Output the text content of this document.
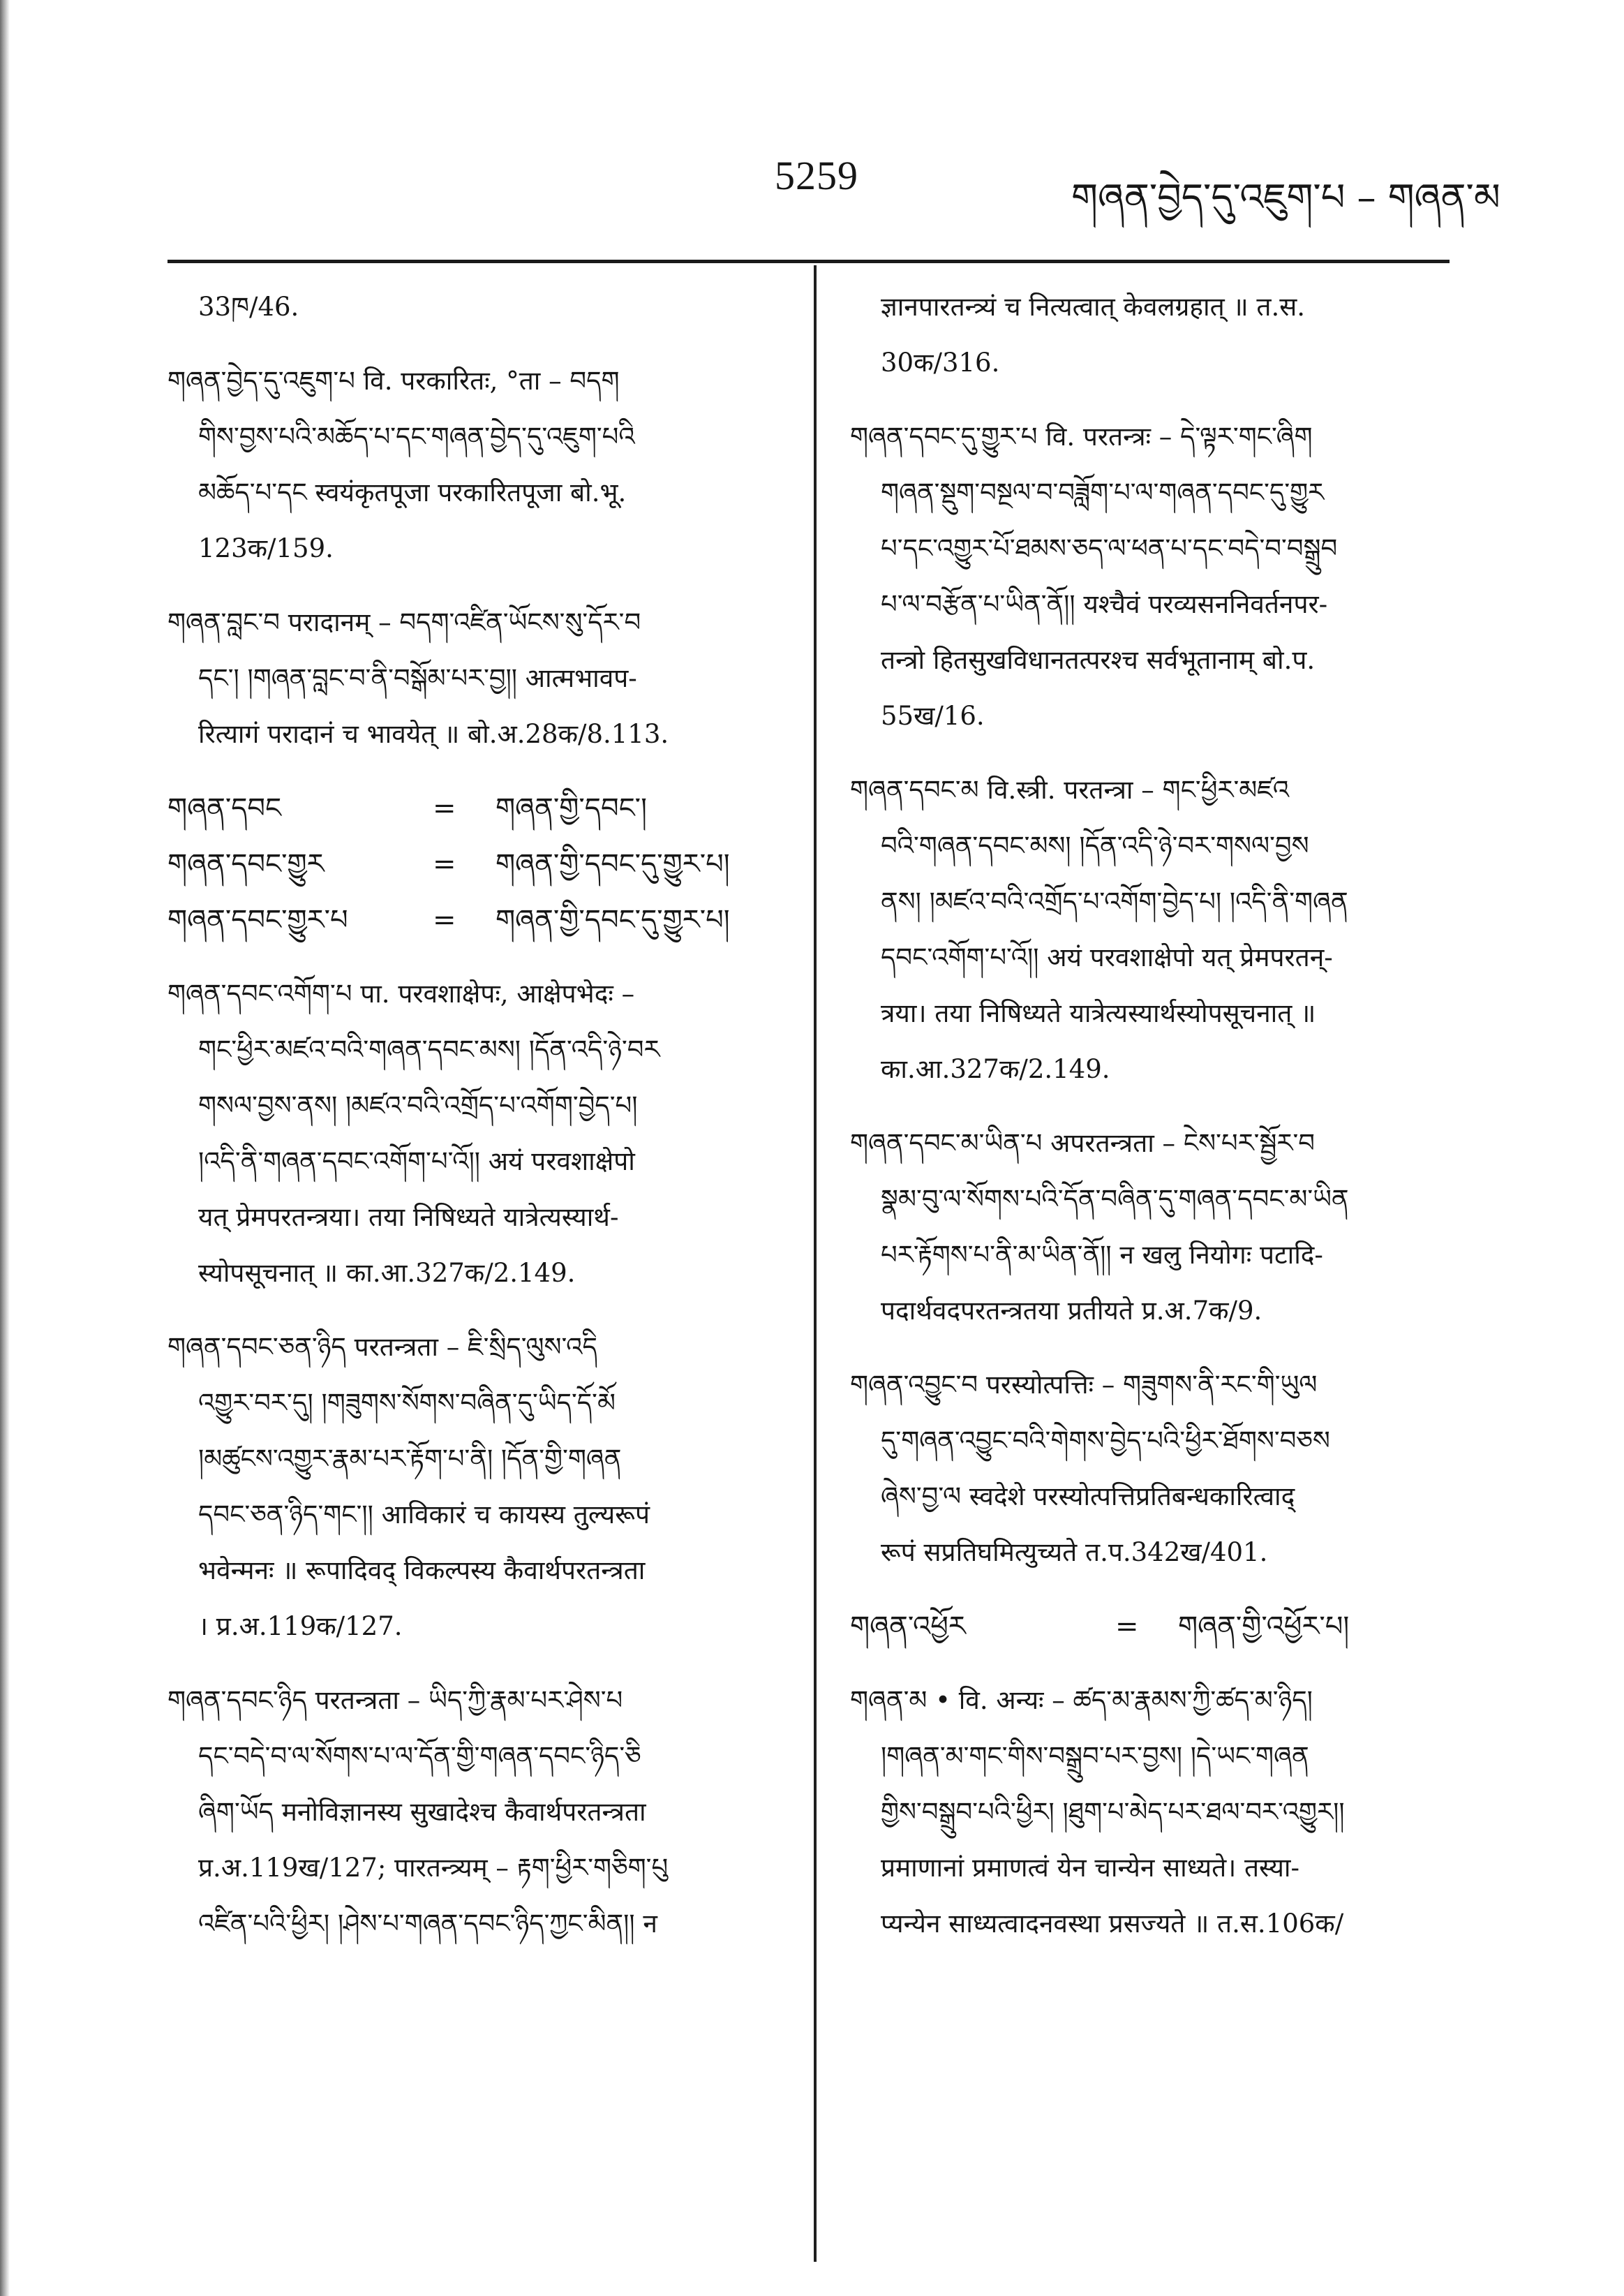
5259	གཞན་བྱེད་དུ་འཇུག་པ – གཞན་མ
33ཁ/46.
གཞན་བྱེད་དུ་འཇུག་པ वि. परकारितः, °ता – བདག
གིས་བྱས་པའི་མཆོད་པ་དང་གཞན་བྱེད་དུ་འཇུག་པའི
མཆོད་པ་དང स्वयंकृतपूजा परकारितपूजा बो.भू.
123क/159.
གཞན་བླང་བ परादानम् – བདག་འཛིན་ཡོངས་སུ་དོར་བ
དང་། །གཞན་བླང་བ་ནི་བསྒོམ་པར་བྱ།། आत्मभावप-
रित्यागं परादानं च भावयेत् ॥ बो.अ.28क/8.113.
གཞན་དབང	=	གཞན་གྱི་དབང་།
གཞན་དབང་གྱུར	=	གཞན་གྱི་དབང་དུ་གྱུར་པ།
གཞན་དབང་གྱུར་པ	=	གཞན་གྱི་དབང་དུ་གྱུར་པ།
གཞན་དབང་འགོག་པ पा. परवशाक्षेपः, आक्षेपभेदः –
གང་ཕྱིར་མཛའ་བའི་གཞན་དབང་མས། །དོན་འདི་ཉེ་བར
གསལ་བྱས་ནས། །མཛའ་བའི་འགྲོད་པ་འགོག་བྱེད་པ།
།འདི་ནི་གཞན་དབང་འགོག་པ་འོ།། अयं परवशाक्षेपो
यत् प्रेमपरतन्त्रया। तया निषिध्यते यात्रेत्यस्यार्थ-
स्योपसूचनात् ॥ का.आ.327क/2.149.
གཞན་དབང་ཅན་ཉིད परतन्त्रता – ཇི་སྲིད་ལུས་འདི
འགྱུར་བར་དུ། །གཟུགས་སོགས་བཞིན་དུ་ཡིད་དོ་མོ
།མཚུངས་འགྱུར་རྣམ་པར་རྟོག་པ་ནི། །དོན་གྱི་གཞན
དབང་ཅན་ཉིད་གང་།། आविकारं च कायस्य तुल्यरूपं
भवेन्मनः ॥ रूपादिवद् विकल्पस्य कैवार्थपरतन्त्रता
। प्र.अ.119क/127.
གཞན་དབང་ཉིད परतन्त्रता – ཡིད་ཀྱི་རྣམ་པར་ཤེས་པ
དང་བདེ་བ་ལ་སོགས་པ་ལ་དོན་གྱི་གཞན་དབང་ཉིད་ཅི
ཞིག་ཡོད मनोविज्ञानस्य सुखादेश्च कैवार्थपरतन्त्रता
प्र.अ.119ख/127; पारतन्त्र्यम् – རྟག་ཕྱིར་གཅིག་པུ
འཛིན་པའི་ཕྱིར། །ཤེས་པ་གཞན་དབང་ཉིད་ཀྱང་མིན།། न
ज्ञानपारतन्त्र्यं च नित्यत्वात् केवलग्रहात् ॥ त.स.
30क/316.
གཞན་དབང་དུ་གྱུར་པ वि. परतन्त्रः – དེ་ལྟར་གང་ཞིག
གཞན་སྡུག་བསྔལ་བ་བཟློག་པ་ལ་གཞན་དབང་དུ་གྱུར
པ་དང་འགྱུར་པོ་ཐམས་ཅད་ལ་ཕན་པ་དང་བདེ་བ་བསྒྲུབ
པ་ལ་བརྩོན་པ་ཡིན་ནོ།། यश्चैवं परव्यसननिवर्तनपर-
तन्त्रो हितसुखविधानतत्परश्च सर्वभूतानाम् बो.प.
55ख/16.
གཞན་དབང་མ वि.स्त्री. परतन्त्रा – གང་ཕྱིར་མཛའ
བའི་གཞན་དབང་མས། །དོན་འདི་ཉེ་བར་གསལ་བྱས
ནས། །མཛའ་བའི་འགྲོད་པ་འགོག་བྱེད་པ། །འདི་ནི་གཞན
དབང་འགོག་པ་འོ།། अयं परवशाक्षेपो यत् प्रेमपरतन्-
त्रया। तया निषिध्यते यात्रेत्यस्यार्थस्योपसूचनात् ॥
का.आ.327क/2.149.
གཞན་དབང་མ་ཡིན་པ अपरतन्त्रता – ངེས་པར་སྦྱོར་བ
སྣམ་བུ་ལ་སོགས་པའི་དོན་བཞིན་དུ་གཞན་དབང་མ་ཡིན
པར་རྟོགས་པ་ནི་མ་ཡིན་ནོ།། न खलु नियोगः पटादि-
पदार्थवदपरतन्त्रतया प्रतीयते प्र.अ.7क/9.
གཞན་འབྱུང་བ परस्योत्पत्तिः – གཟུགས་ནི་རང་གི་ཡུལ
དུ་གཞན་འབྱུང་བའི་གེགས་བྱེད་པའི་ཕྱིར་ཐོགས་བཅས
ཞེས་བྱ་ལ स्वदेशे परस्योत्पत्तिप्रतिबन्धकारित्वाद्
रूपं सप्रतिघमित्युच्यते त.प.342ख/401.
གཞན་འཕྱོར	=	གཞན་གྱི་འཕྱོར་པ།
གཞན་མ • वि. अन्यः – ཚད་མ་རྣམས་ཀྱི་ཚད་མ་ཉིད།
།གཞན་མ་གང་གིས་བསྒྲུབ་པར་བྱས། །དེ་ཡང་གཞན
གྱིས་བསྒྲུབ་པའི་ཕྱིར། །ཐུག་པ་མེད་པར་ཐལ་བར་འགྱུར།།
प्रमाणानां प्रमाणत्वं येन चान्येन साध्यते। तस्या-
प्यन्येन साध्यत्वादनवस्था प्रसज्यते ॥ त.स.106क/
